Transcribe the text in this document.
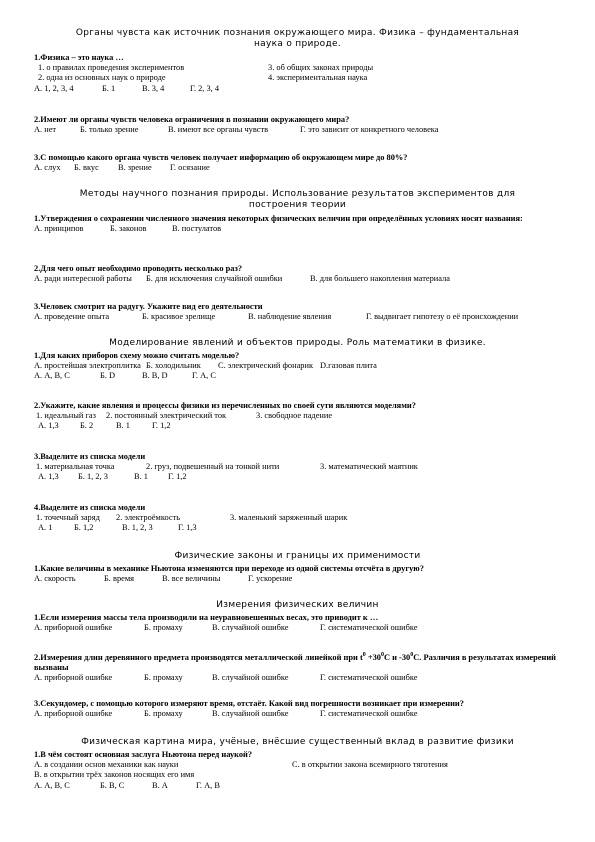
Органы чувста как источник познания окружающего мира. Физика – фундаментальная наука о природе.
1.Физика – это наука …
1. о правилах проведения экспериментов	3. об общих законах природы
2. одна из основных наук о природе	4. экспериментальная наука
А. 1, 2, 3, 4	Б. 1	В. 3, 4	Г. 2, 3, 4
2.Имеют ли органы чувств человека ограничения в познании окружающего мира?
А. нет	Б. только зрение	В. имеют все органы чувств	Г. это зависит от конкретного человека
3.С помощью какого органа чувств человек получает информацию об окружающем мире до 80%?
А. слух	Б. вкус	В. зрение	Г. осязание
Методы научного познания природы. Использование результатов экспериментов для построения теории
1.Утверждения о сохранении численного значения некоторых физических величин при определённых условиях носят названия:
А. принципов	Б. законов	В. постулатов
2.Для чего опыт необходимо проводить несколько раз?
А. ради интересной работы	Б. для исключения случайной ошибки	В. для большего накопления материала
3.Человек смотрит на радугу. Укажите вид его деятельности
А. проведение опыта	Б. красивое зрелище	В. наблюдение явления	Г. выдвигает гипотезу о её происхождении
Моделирование явлений и объектов природы. Роль математики в физике.
1.Для каких приборов схему можно считать моделью?
А. простейшая электроплитка Б. холодильник	С. электрический фонарик D.газовая плита
А. А, В, С	Б. D	В. В, D	Г. А, С
2.Укажите, какие явления и процессы физики из перечисленных по своей сути являются моделями?
1. идеальный газ	2. постоянный электрический ток	3. свободное падение
А. 1,3	Б. 2	В. 1	Г. 1,2
3.Выделите из списка модели
1. материальная точка	2. груз, подвешенный на тонкой нити	3. математический маятник
А. 1,3	Б. 1, 2, 3	В. 1	Г. 1,2
4.Выделите из списка модели
1. точечный заряд	2. электроёмкость	3. маленький заряженный шарик
А. 1	Б. 1,2	В. 1, 2, 3	Г. 1,3
Физические законы и границы их применимости
1.Какие величины в механике Ньютона изменяются при переходе из одной системы отсчёта в другую?
А. скорость	Б. время	В. все величины	Г. ускорение
Измерения физических величин
1.Если измерения массы тела производили на неуравновешенных весах, это приводит к …
А. приборной ошибке	Б. промаху	В. случайной ошибке	Г. систематической ошибке
2.Измерения длин деревянного предмета производятся металлической линейкой при $t^0 +30^0С$ и $-30^0С$. Различия в результатах измерений вызваны
А. приборной ошибке	Б. промаху	В. случайной ошибке	Г. систематической ошибке
3.Секундомер, с помощью которого измеряют время, отстаёт. Какой вид погрешности возникает при измерении?
А. приборной ошибке	Б. промаху	В. случайной ошибке	Г. систематической ошибке
Физическая картина мира, учёные, внёсшие существенный вклад в развитие физики
1.В чём состоят основная заслуга Ньютона перед наукой?
А. в создании основ механики как науки	С. в открытии закона всемирного тяготения
В. в открытии трёх законов носящих его имя
А. А, В, С	Б. В, С	В. А	Г. А, В
